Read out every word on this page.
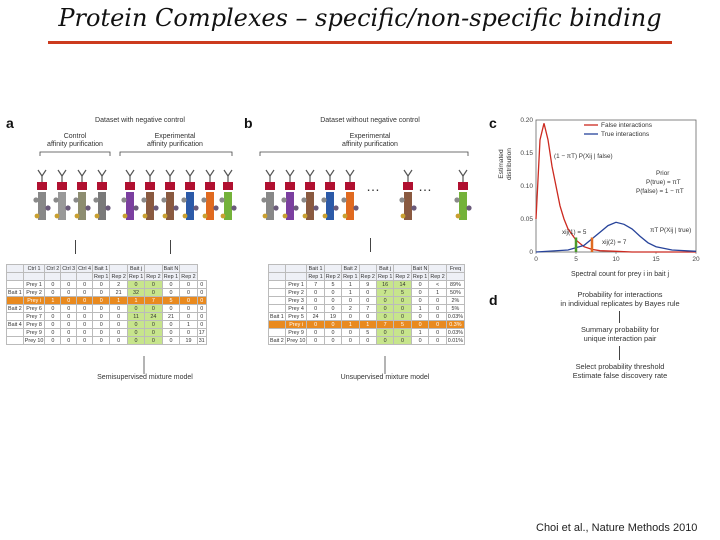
Protein Complexes – specific/non-specific binding
a	b	c
d
Dataset with negative control
Control
affinity purification
Experimental
affinity purification
	Ctrl 1	Ctrl 2	Ctrl 3	Ctrl 4	Bait 1		Bait j		Bait N		
					Rep 1	Rep 2	Rep 1	Rep 2	Rep 1	Rep 2	
	Prey 1	0	0	0	0	2	0	0	0	0	0
Bait 1	Prey 2	0	0	0	0	21	32	0	0	0	0
	Prey i	1	0	0	0	1	1	7	5	0	0
Bait 2	Prey 6	0	0	0	0	0	0	0	0	0	0
	Prey 7	0	0	0	0	0	11	24	21	0	0
Bait 4	Prey 8	0	0	0	0	0	0	0	0	1	0
	Prey 9	0	0	0	0	0	0	0	0	0	17
	Prey 10	0	0	0	0	0	0	0	0	19	31
Semisupervised mixture model
Dataset without negative control
Experimental
affinity purification
…	…
		Bait 1		Bait 2		Bait j		Bait N		Freq
		Rep 1	Rep 2	Rep 1	Rep 2	Rep 1	Rep 2	Rep 1	Rep 2	
	Prey 1	7	5	1	9	16	14	0	<	89%
	Prey 2	0	0	1	0	7	5	0	1	50%
	Prey 3	0	0	0	0	0	0	0	0	2%
	Prey 4	0	0	2	7	0	0	1	0	5%
Bait 1	Prey 5	24	19	0	0	0	0	0	0	0.03%
	Prey i	0	0	1	1	7	5	0	0	0.3%
	Prey 9	0	0	0	5	0	0	1	0	0.03%
Bait 2	Prey 10	0	0	0	0	0	0	0	0	0.01%
Unsupervised mixture model
Estimated distribution
0
0.05
0.10
0.15
0.20
0	5	10	15	20
False interactions
True interactions
(1 − πT) P(Xij | false)
Prior
P(true) = πT
P(false) = 1 − πT
πT P(Xij | true)
xij(1) = 5
xij(2) = 7
Spectral count for prey i in bait j
Probability for interactions
in individual replicates by Bayes rule
Summary probability for
unique interaction pair
Select probability threshold
Estimate false discovery rate
Choi et al., Nature Methods 2010
